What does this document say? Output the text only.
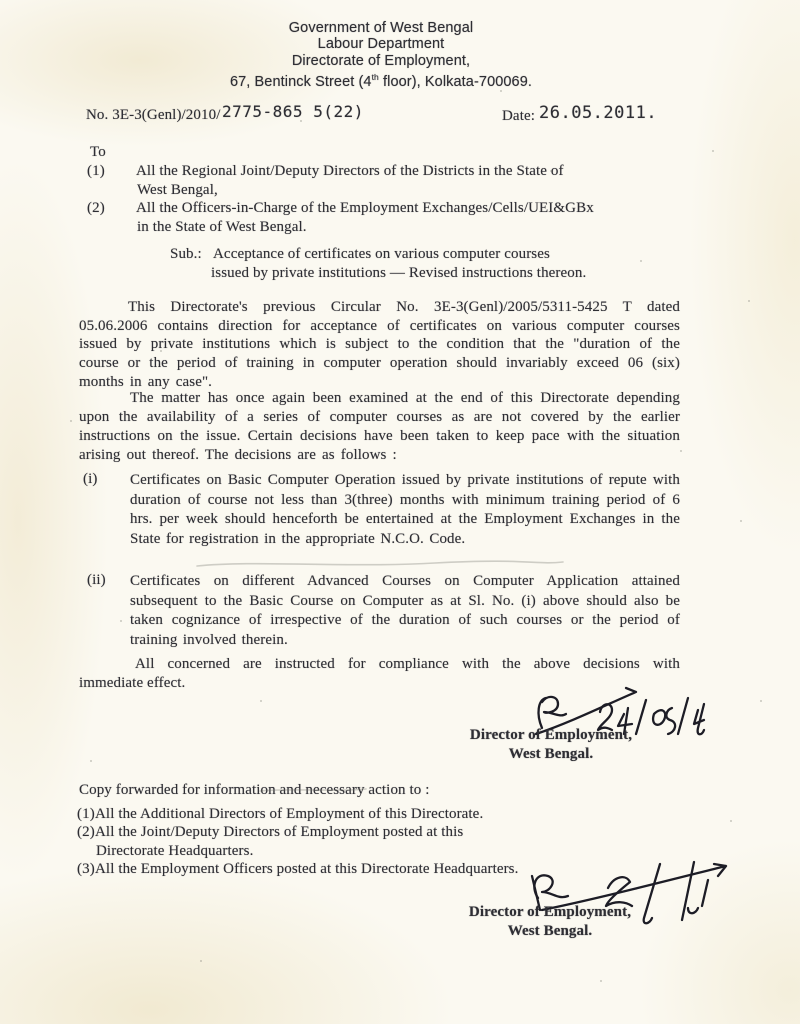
Government of West Bengal
Labour Department
Directorate of Employment,
67, Bentinck Street (4th floor), Kolkata-700069.
No. 3E-3(Genl)/2010/ 2775-865 5(22)	Date: 26.05.2011.
To
(1) All the Regional Joint/Deputy Directors of the Districts in the State of
West Bengal,
(2) All the Officers-in-Charge of the Employment Exchanges/Cells/UEI&GBx
in the State of West Bengal.
Sub.: Acceptance of certificates on various computer courses
issued by private institutions — Revised instructions thereon.
This Directorate's previous Circular No. 3E-3(Genl)/2005/5311-5425 T dated 05.06.2006 contains direction for acceptance of certificates on various computer courses issued by private institutions which is subject to the condition that the "duration of the course or the period of training in computer operation should invariably exceed 06 (six) months in any case".
The matter has once again been examined at the end of this Directorate depending upon the availability of a series of computer courses as are not covered by the earlier instructions on the issue. Certain decisions have been taken to keep pace with the situation arising out thereof. The decisions are as follows :
(i) Certificates on Basic Computer Operation issued by private institutions of repute with duration of course not less than 3(three) months with minimum training period of 6 hrs. per week should henceforth be entertained at the Employment Exchanges in the State for registration in the appropriate N.C.O. Code.
(ii) Certificates on different Advanced Courses on Computer Application attained subsequent to the Basic Course on Computer as at Sl. No. (i) above should also be taken cognizance of irrespective of the duration of such courses or the period of training involved therein.
All concerned are instructed for compliance with the above decisions with
immediate effect.
Director of Employment,
West Bengal.
Copy forwarded for information and necessary action to :
(1) All the Additional Directors of Employment of this Directorate.
(2) All the Joint/Deputy Directors of Employment posted at this
Directorate Headquarters.
(3) All the Employment Officers posted at this Directorate Headquarters.
Director of Employment,
West Bengal.
